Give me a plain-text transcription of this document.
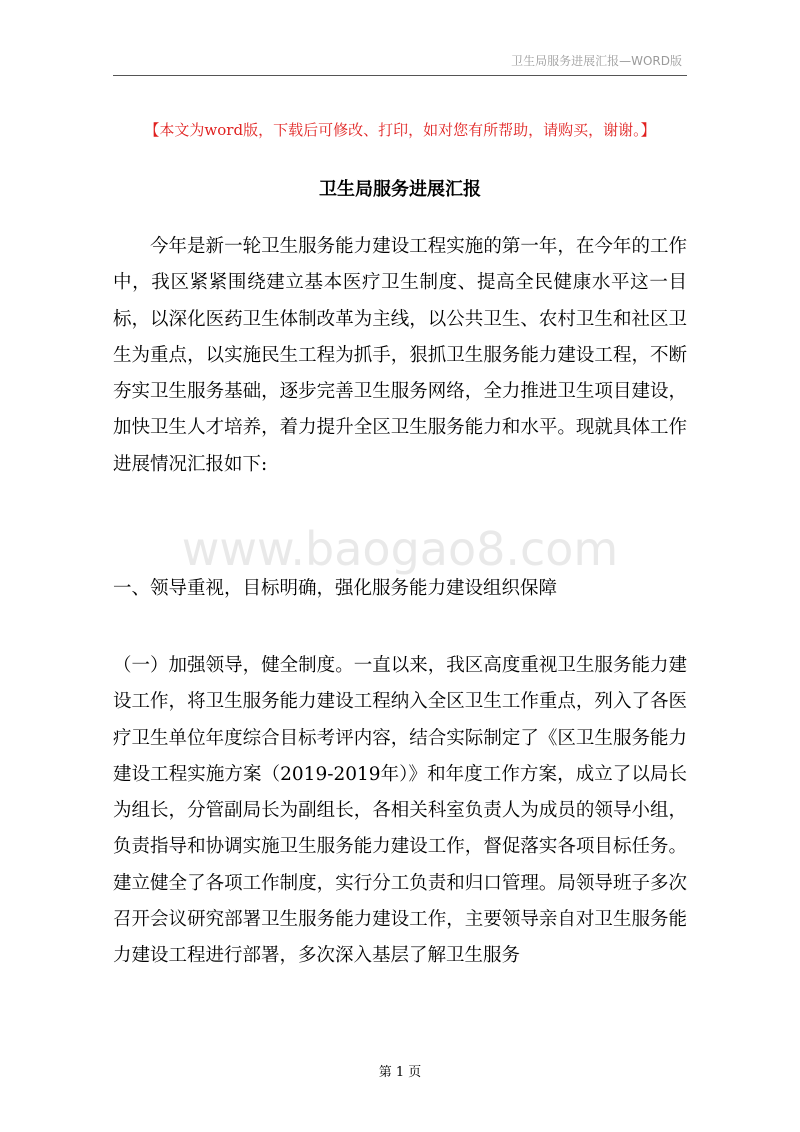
卫生局服务进展汇报—WORD版
【本文为word版，下载后可修改、打印，如对您有所帮助，请购买，谢谢。】
卫生局服务进展汇报

今年是新一轮卫生服务能力建设工程实施的第一年，在今年的工作中，我区紧紧围绕建立基本医疗卫生制度、提高全民健康水平这一目标，以深化医药卫生体制改革为主线，以公共卫生、农村卫生和社区卫生为重点，以实施民生工程为抓手，狠抓卫生服务能力建设工程，不断夯实卫生服务基础，逐步完善卫生服务网络，全力推进卫生项目建设，加快卫生人才培养，着力提升全区卫生服务能力和水平。现就具体工作进展情况汇报如下:

www.baogao8.com
一、领导重视，目标明确，强化服务能力建设组织保障

（一）加强领导，健全制度。一直以来，我区高度重视卫生服务能力建设工作，将卫生服务能力建设工程纳入全区卫生工作重点，列入了各医疗卫生单位年度综合目标考评内容，结合实际制定了《区卫生服务能力建设工程实施方案（2019-2019年）》和年度工作方案，成立了以局长为组长，分管副局长为副组长，各相关科室负责人为成员的领导小组，负责指导和协调实施卫生服务能力建设工作，督促落实各项目标任务。建立健全了各项工作制度，实行分工负责和归口管理。局领导班子多次召开会议研究部署卫生服务能力建设工作，主要领导亲自对卫生服务能力建设工程进行部署，多次深入基层了解卫生服务

第 1 页
